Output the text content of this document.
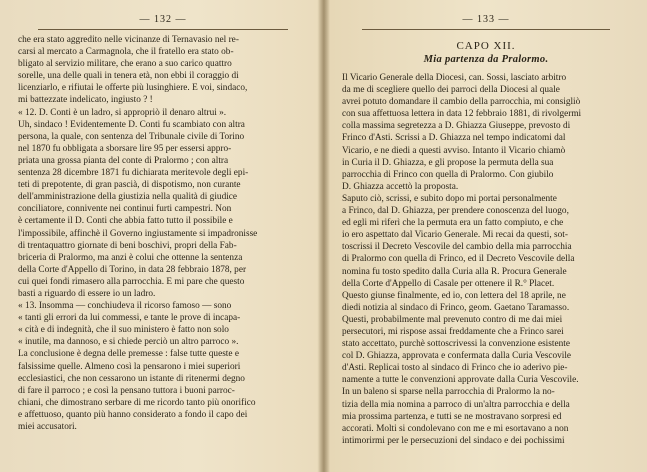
— 132 —
che era stato aggredito nelle vicinanze di Ternavasio nel re-
carsi al mercato a Carmagnola, che il fratello era stato ob-
bligato al servizio militare, che erano a suo carico quattro
sorelle, una delle quali in tenera età, non ebbi il coraggio di
licenziarlo, e rifiutai le offerte più lusinghiere. E voi, sindaco,
mi battezzate indelicato, ingiusto ? !
« 12. D. Conti è un ladro, si appropriò il denaro altrui ».
Uh, sindaco ! Evidentemente D. Conti fu scambiato con altra
persona, la quale, con sentenza del Tribunale civile di Torino
nel 1870 fu obbligata a sborsare lire 95 per essersi appro-
priata una grossa pianta del conte di Pralormo ; con altra
sentenza 28 dicembre 1871 fu dichiarata meritevole degli epi-
teti di prepotente, di gran pascià, di dispotismo, non curante
dell'amministrazione della giustizia nella qualità di giudice
conciliatore, connivente nei continui furti campestri. Non
è certamente il D. Conti che abbia fatto tutto il possibile e
l'impossibile, affinchè il Governo ingiustamente si impadronisse
di trentaquattro giornate di beni boschivi, propri della Fab-
briceria di Pralormo, ma anzi è colui che ottenne la sentenza
della Corte d'Appello di Torino, in data 28 febbraio 1878, per
cui quei fondi rimasero alla parrocchia. E mi pare che questo
basti a riguardo di essere io un ladro.
« 13. Insomma — conchiudeva il ricorso famoso — sono
« tanti gli errori da lui commessi, e tante le prove di incapa-
« cità e di indegnità, che il suo ministero è fatto non solo
« inutile, ma dannoso, e si chiede perciò un altro parroco ».
La conclusione è degna delle premesse : false tutte queste e
falsissime quelle. Almeno così la pensarono i miei superiori
ecclesiastici, che non cessarono un istante di ritenermi degno
di fare il parroco ; e così la pensano tuttora i buoni parroc-
chiani, che dimostrano serbare di me ricordo tanto più onorifico
e affettuoso, quanto più hanno considerato a fondo il capo dei
miei accusatori.
— 133 —
CAPO XII.
Mia partenza da Pralormo.
Il Vicario Generale della Diocesi, can. Sossi, lasciato arbitro
da me di scegliere quello dei parroci della Diocesi al quale
avrei potuto domandare il cambio della parrocchia, mi consigliò
con sua affettuosa lettera in data 12 febbraio 1881, di rivolgermi
colla massima segretezza a D. Ghiazza Giuseppe, prevosto di
Frinco d'Asti. Scrissi a D. Ghiazza nel tempo indicatomi dal
Vicario, e ne diedi a questi avviso. Intanto il Vicario chiamò
in Curia il D. Ghiazza, e gli propose la permuta della sua
parrocchia di Frinco con quella di Pralormo. Con giubilo
D. Ghiazza accettò la proposta.
Saputo ciò, scrissi, e subito dopo mi portai personalmente
a Frinco, dal D. Ghiazza, per prendere conoscenza del luogo,
ed egli mi riferì che la permuta era un fatto compiuto, e che
io ero aspettato dal Vicario Generale. Mi recai da questi, sot-
toscrissi il Decreto Vescovile del cambio della mia parrocchia
di Pralormo con quella di Frinco, ed il Decreto Vescovile della
nomina fu tosto spedito dalla Curia alla R. Procura Generale
della Corte d'Appello di Casale per ottenere il R.° Placet.
Questo giunse finalmente, ed io, con lettera del 18 aprile, ne
diedi notizia al sindaco di Frinco, geom. Gaetano Taramasso.
Questi, probabilmente mal prevenuto contro di me dai miei
persecutori, mi rispose assai freddamente che a Frinco sarei
stato accettato, purchè sottoscrivessi la convenzione esistente
col D. Ghiazza, approvata e confermata dalla Curia Vescovile
d'Asti. Replicai tosto al sindaco di Frinco che io aderivo pie-
namente a tutte le convenzioni approvate dalla Curia Vescovile.
In un baleno si sparse nella parrocchia di Pralormo la no-
tizia della mia nomina a parroco di un'altra parrocchia e della
mia prossima partenza, e tutti se ne mostravano sorpresi ed
accorati. Molti si condolevano con me e mi esortavano a non
intimorirmi per le persecuzioni del sindaco e dei pochissimi
